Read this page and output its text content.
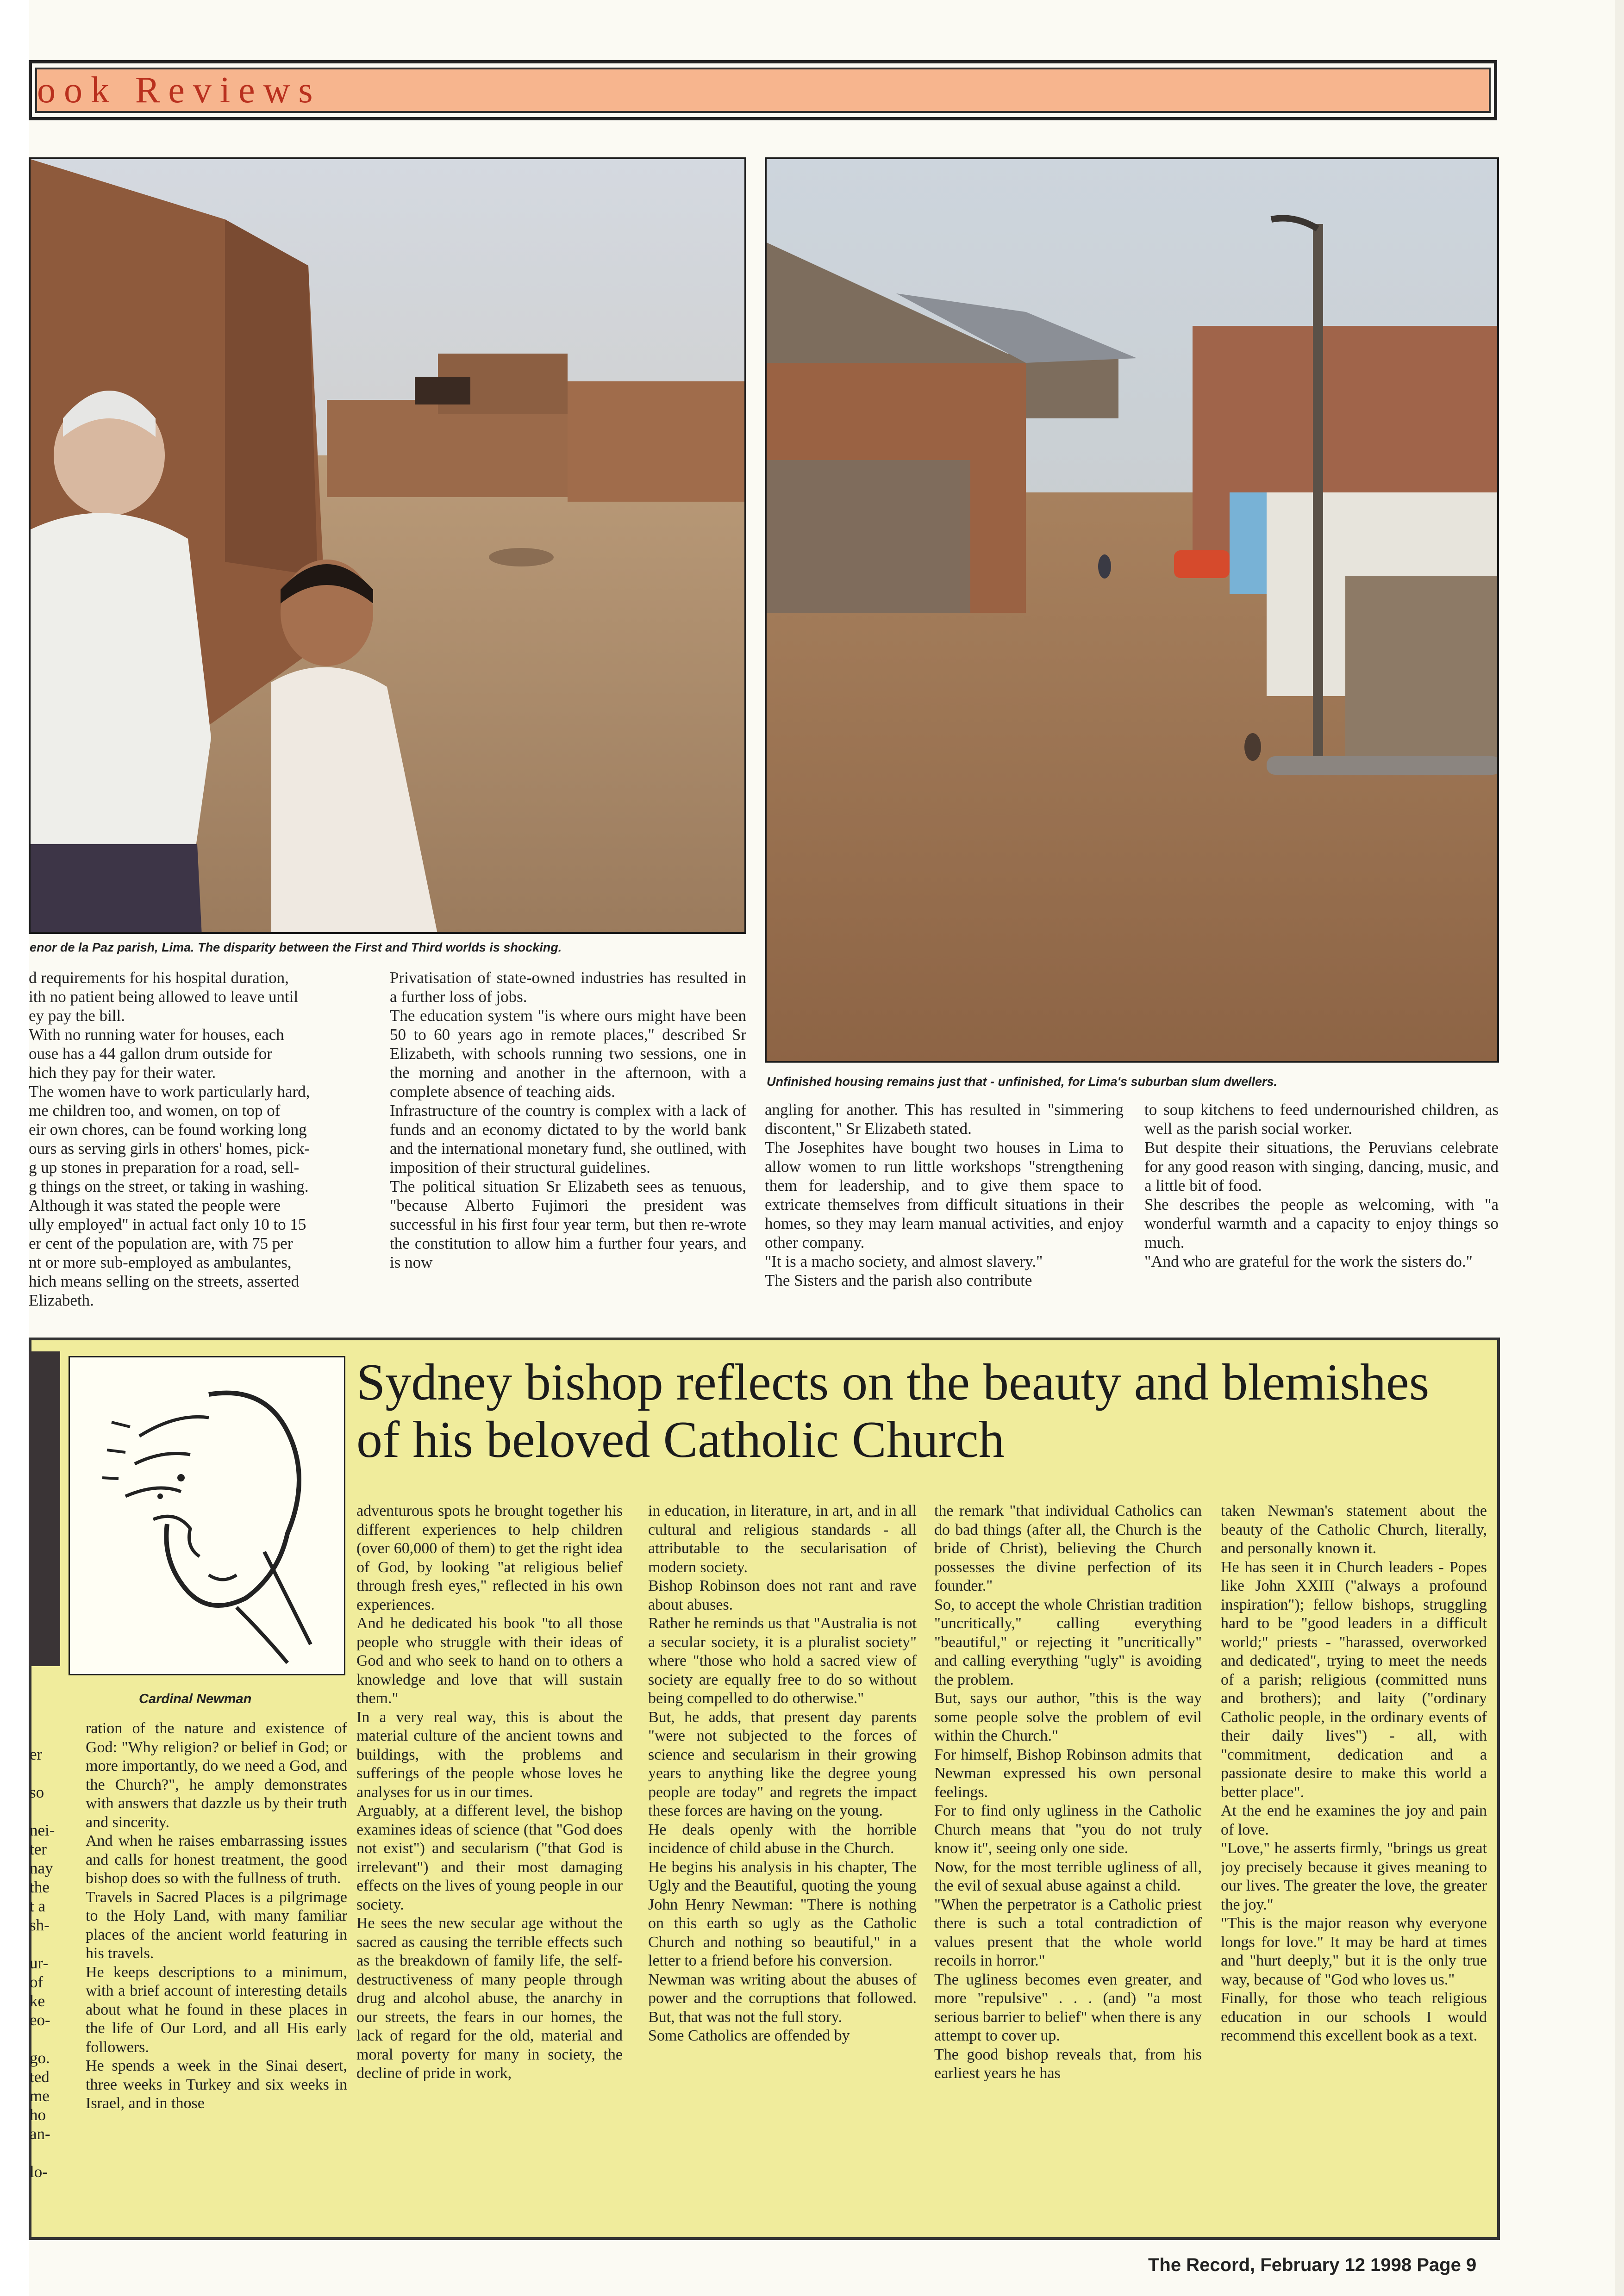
ook Reviews
enor de la Paz parish, Lima. The disparity between the First and Third worlds is shocking.
Unfinished housing remains just that - unfinished, for Lima's suburban slum dwellers.
d requirements for his hospital duration,
ith no patient being allowed to leave until
ey pay the bill.
With no running water for houses, each
ouse has a 44 gallon drum outside for
hich they pay for their water.
The women have to work particularly hard,
me children too, and women, on top of
eir own chores, can be found working long
ours as serving girls in others' homes, pick-
g up stones in preparation for a road, sell-
g things on the street, or taking in washing.
Although it was stated the people were
ully employed" in actual fact only 10 to 15
er cent of the population are, with 75 per
nt or more sub-employed as ambulantes,
hich means selling on the streets, asserted
Elizabeth.
Privatisation of state-owned industries has resulted in a further loss of jobs.
The education system "is where ours might have been 50 to 60 years ago in remote places," described Sr Elizabeth, with schools running two sessions, one in the morning and another in the afternoon, with a complete absence of teaching aids.
Infrastructure of the country is complex with a lack of funds and an economy dictated to by the world bank and the international monetary fund, she outlined, with imposition of their structural guidelines.
The political situation Sr Elizabeth sees as tenuous, "because Alberto Fujimori the president was successful in his first four year term, but then re-wrote the constitution to allow him a further four years, and is now
angling for another. This has resulted in "simmering discontent," Sr Elizabeth stated.
The Josephites have bought two houses in Lima to allow women to run little workshops "strengthening them for leadership, and to give them space to extricate themselves from difficult situations in their homes, so they may learn manual activities, and enjoy other company.
"It is a macho society, and almost slavery."
The Sisters and the parish also contribute
to soup kitchens to feed undernourished children, as well as the parish social worker.
But despite their situations, the Peruvians celebrate for any good reason with singing, dancing, music, and a little bit of food.
She describes the people as welcoming, with "a wonderful warmth and a capacity to enjoy things so much.
"And who are grateful for the work the sisters do."
er

so

nei-
ter
nay
the
t a
sh-

ur-
of
ke
eo-

go.
ted
me
ho
an-

lo-
Cardinal Newman
Sydney bishop reflects on the beauty and blemishes of his beloved Catholic Church
ration of the nature and existence of God: "Why religion? or belief in God; or more importantly, do we need a God, and the Church?", he amply demonstrates with answers that dazzle us by their truth and sincerity.
And when he raises embarrassing issues and calls for honest treatment, the good bishop does so with the fullness of truth.
Travels in Sacred Places is a pilgrimage to the Holy Land, with many familiar places of the ancient world featuring in his travels.
He keeps descriptions to a minimum, with a brief account of interesting details about what he found in these places in the life of Our Lord, and all His early followers.
He spends a week in the Sinai desert, three weeks in Turkey and six weeks in Israel, and in those
adventurous spots he brought together his different experiences to help children (over 60,000 of them) to get the right idea of God, by looking "at religious belief through fresh eyes," reflected in his own experiences.
And he dedicated his book "to all those people who struggle with their ideas of God and who seek to hand on to others a knowledge and love that will sustain them."
In a very real way, this is about the material culture of the ancient towns and buildings, with the problems and sufferings of the people whose loves he analyses for us in our times.
Arguably, at a different level, the bishop examines ideas of science (that "God does not exist") and secularism ("that God is irrelevant") and their most damaging effects on the lives of young people in our society.
He sees the new secular age without the sacred as causing the terrible effects such as the breakdown of family life, the self-destructiveness of many people through drug and alcohol abuse, the anarchy in our streets, the fears in our homes, the lack of regard for the old, material and moral poverty for many in society, the decline of pride in work,
in education, in literature, in art, and in all cultural and religious standards - all attributable to the secularisation of modern society.
Bishop Robinson does not rant and rave about abuses.
Rather he reminds us that "Australia is not a secular society, it is a pluralist society" where "those who hold a sacred view of society are equally free to do so without being compelled to do otherwise."
But, he adds, that present day parents "were not subjected to the forces of science and secularism in their growing years to anything like the degree young people are today" and regrets the impact these forces are having on the young.
He deals openly with the horrible incidence of child abuse in the Church.
He begins his analysis in his chapter, The Ugly and the Beautiful, quoting the young John Henry Newman: "There is nothing on this earth so ugly as the Catholic Church and nothing so beautiful," in a letter to a friend before his conversion.
Newman was writing about the abuses of power and the corruptions that followed. But, that was not the full story.
Some Catholics are offended by
the remark "that individual Catholics can do bad things (after all, the Church is the bride of Christ), believing the Church possesses the divine perfection of its founder."
So, to accept the whole Christian tradition "uncritically," calling everything "beautiful," or rejecting it "uncritically" and calling everything "ugly" is avoiding the problem.
But, says our author, "this is the way some people solve the problem of evil within the Church."
For himself, Bishop Robinson admits that Newman expressed his own personal feelings.
For to find only ugliness in the Catholic Church means that "you do not truly know it", seeing only one side.
Now, for the most terrible ugliness of all, the evil of sexual abuse against a child.
"When the perpetrator is a Catholic priest there is such a total contradiction of values present that the whole world recoils in horror."
The ugliness becomes even greater, and more "repulsive" . . . (and) "a most serious barrier to belief" when there is any attempt to cover up.
The good bishop reveals that, from his earliest years he has
taken Newman's statement about the beauty of the Catholic Church, literally, and personally known it.
He has seen it in Church leaders - Popes like John XXIII ("always a profound inspiration"); fellow bishops, struggling hard to be "good leaders in a difficult world;" priests - "harassed, overworked and dedicated", trying to meet the needs of a parish; religious (committed nuns and brothers); and laity ("ordinary Catholic people, in the ordinary events of their daily lives") - all, with "commitment, dedication and a passionate desire to make this world a better place".
At the end he examines the joy and pain of love.
"Love," he asserts firmly, "brings us great joy precisely because it gives meaning to our lives. The greater the love, the greater the joy."
"This is the major reason why everyone longs for love." It may be hard at times and "hurt deeply," but it is the only true way, because of "God who loves us."
Finally, for those who teach religious education in our schools I would recommend this excellent book as a text.
The Record, February 12 1998 Page 9
